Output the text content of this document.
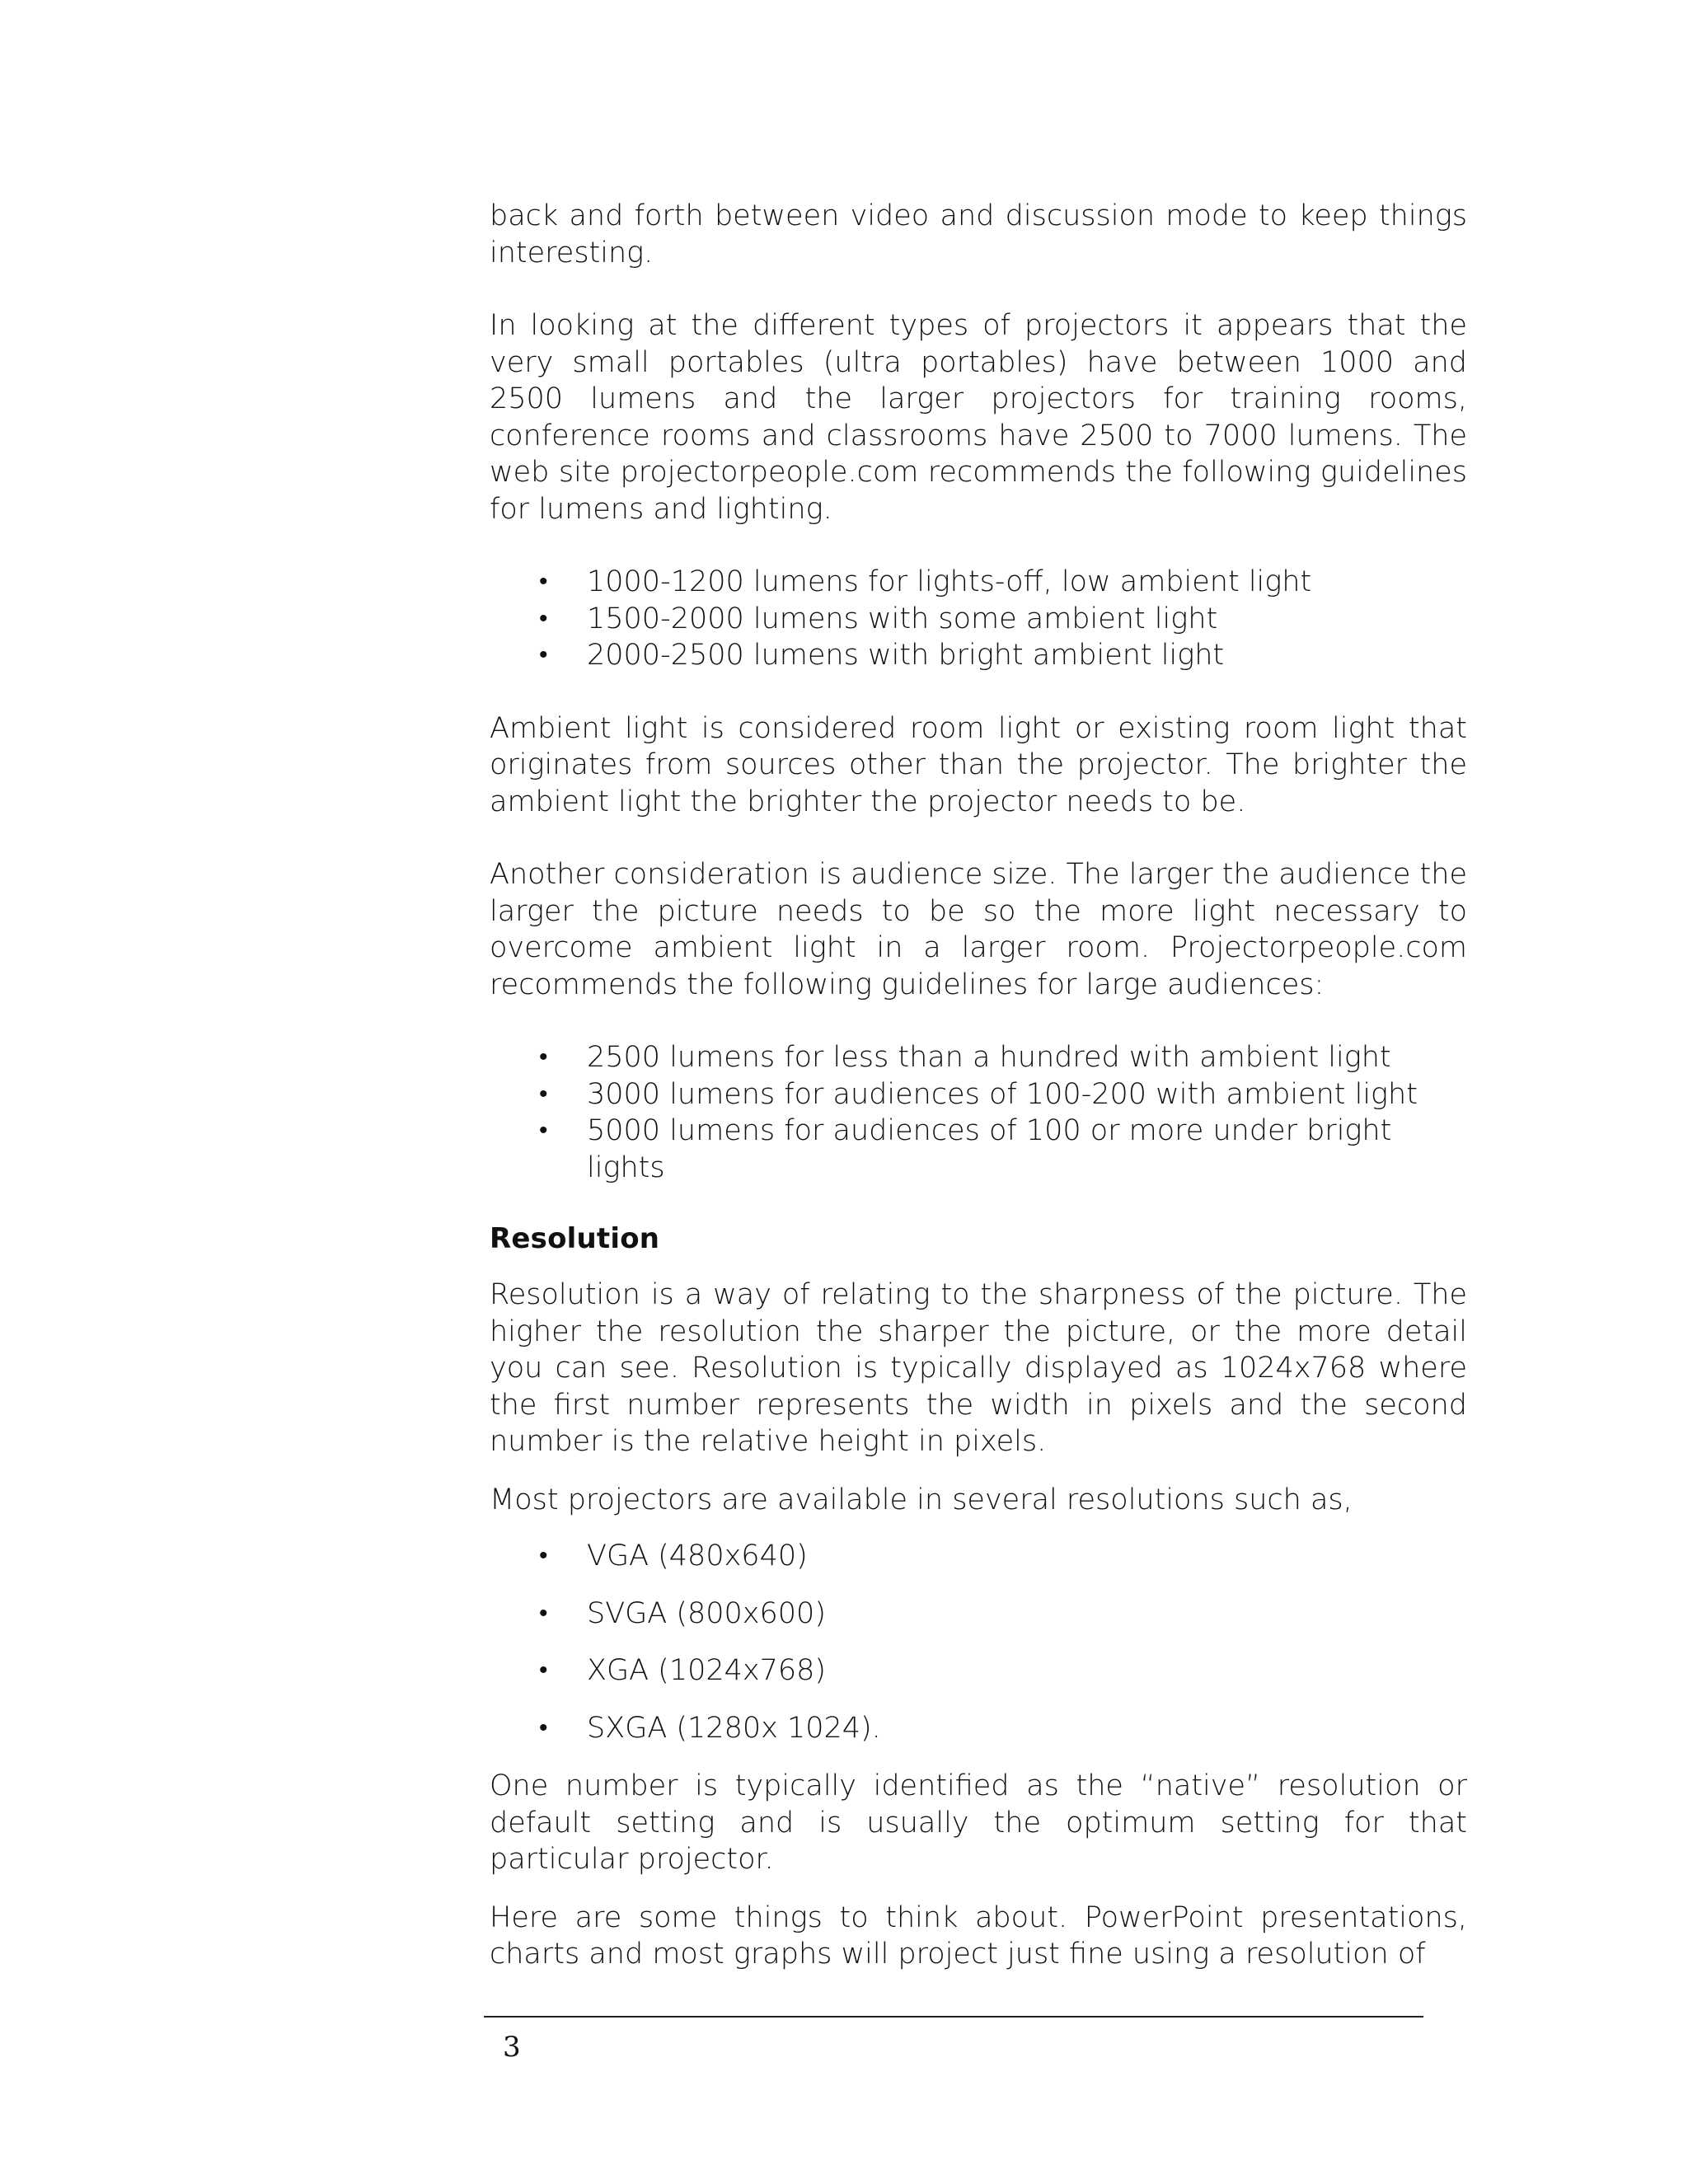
back and forth between video and discussion mode to keep things interesting.

In looking at the different types of projectors it appears that the very small portables (ultra portables) have between 1000 and 2500 lumens and the larger projectors for training rooms, conference rooms and classrooms have 2500 to 7000 lumens. The web site projectorpeople.com recommends the following guidelines for lumens and lighting.

• 1000-1200 lumens for lights-off, low ambient light
• 1500-2000 lumens with some ambient light
• 2000-2500 lumens with bright ambient light

Ambient light is considered room light or existing room light that originates from sources other than the projector. The brighter the ambient light the brighter the projector needs to be.

Another consideration is audience size. The larger the audience the larger the picture needs to be so the more light necessary to overcome ambient light in a larger room. Projectorpeople.com recommends the following guidelines for large audiences:

• 2500 lumens for less than a hundred with ambient light
• 3000 lumens for audiences of 100-200 with ambient light
• 5000 lumens for audiences of 100 or more under bright lights
Resolution

Resolution is a way of relating to the sharpness of the picture. The higher the resolution the sharper the picture, or the more detail you can see. Resolution is typically displayed as 1024x768 where the first number represents the width in pixels and the second number is the relative height in pixels.

Most projectors are available in several resolutions such as,

• VGA (480x640)
• SVGA (800x600)
• XGA (1024x768)
• SXGA (1280x 1024).

One number is typically identified as the “native” resolution or default setting and is usually the optimum setting for that particular projector.

Here are some things to think about. PowerPoint presentations, charts and most graphs will project just fine using a resolution of

3
